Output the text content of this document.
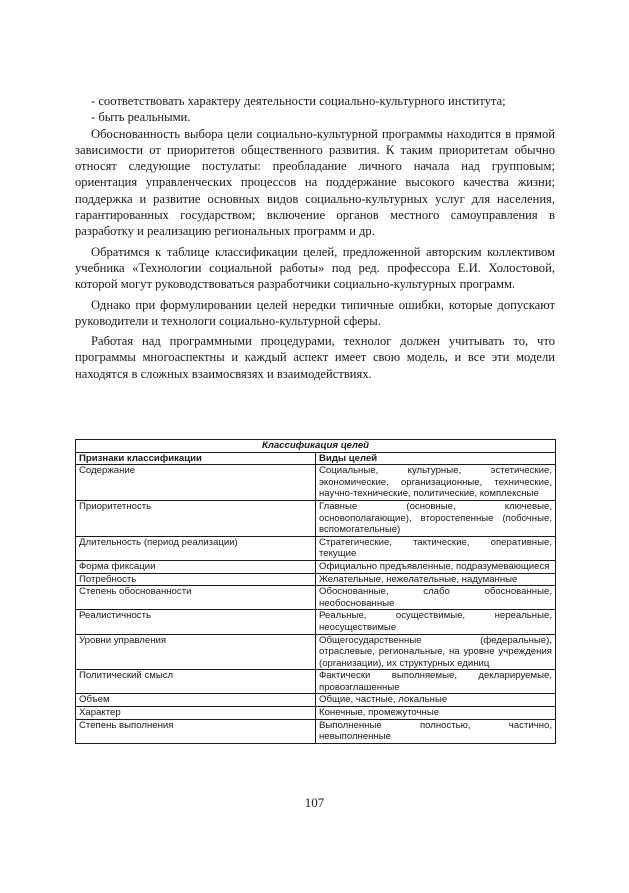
- соответствовать характеру деятельности социально-культурного института;

- быть реальными.

Обоснованность выбора цели социально-культурной программы находится в прямой зависимости от приоритетов общественного развития. К таким приоритетам обычно относят следующие постулаты: преобладание личного начала над групповым; ориентация управленческих процессов на поддержание высокого качества жизни; поддержка и развитие основных видов социально-культурных услуг для населения, гарантированных государством; включение органов местного самоуправления в разработку и реализацию региональных программ и др.

Обратимся к таблице классификации целей, предложенной авторским коллективом учебника «Технологии социальной работы» под ред. профессора Е.И. Холостовой, которой могут руководствоваться разработчики социально-культурных программ.

Однако при формулировании целей нередки типичные ошибки, которые допускают руководители и технологи социально-культурной сферы.

Работая над программными процедурами, технолог должен учитывать то, что программы многоаспектны и каждый аспект имеет свою модель, и все эти модели находятся в сложных взаимосвязях и взаимодействиях.

Классификация целей	
Признаки классификации	Виды целей
Содержание	Социальные, культурные, эстетические, экономические, организационные, технические, научно-технические, политические, комплексные
Приоритетность	Главные (основные, ключевые, основополагающие), второстепенные (побочные, вспомогательные)
Длительность (период реализации)	Стратегические, тактические, оперативные, текущие
Форма фиксации	Официально предъявленные, подразумевающиеся
Потребность	Желательные, нежелательные, надуманные
Степень обоснованности	Обоснованные, слабо обоснованные, необоснованные
Реалистичность	Реальные, осуществимые, нереальные, неосуществимые
Уровни управления	Общегосударственные (федеральные), отраслевые, региональные, на уровне учреждения (организации), их структурных единиц
Политический смысл	Фактически выполняемые, декларируемые, провозглашенные
Объем	Общие, частные, локальные
Характер	Конечные, промежуточные
Степень выполнения	Выполненные полностью, частично, невыполненные
107
